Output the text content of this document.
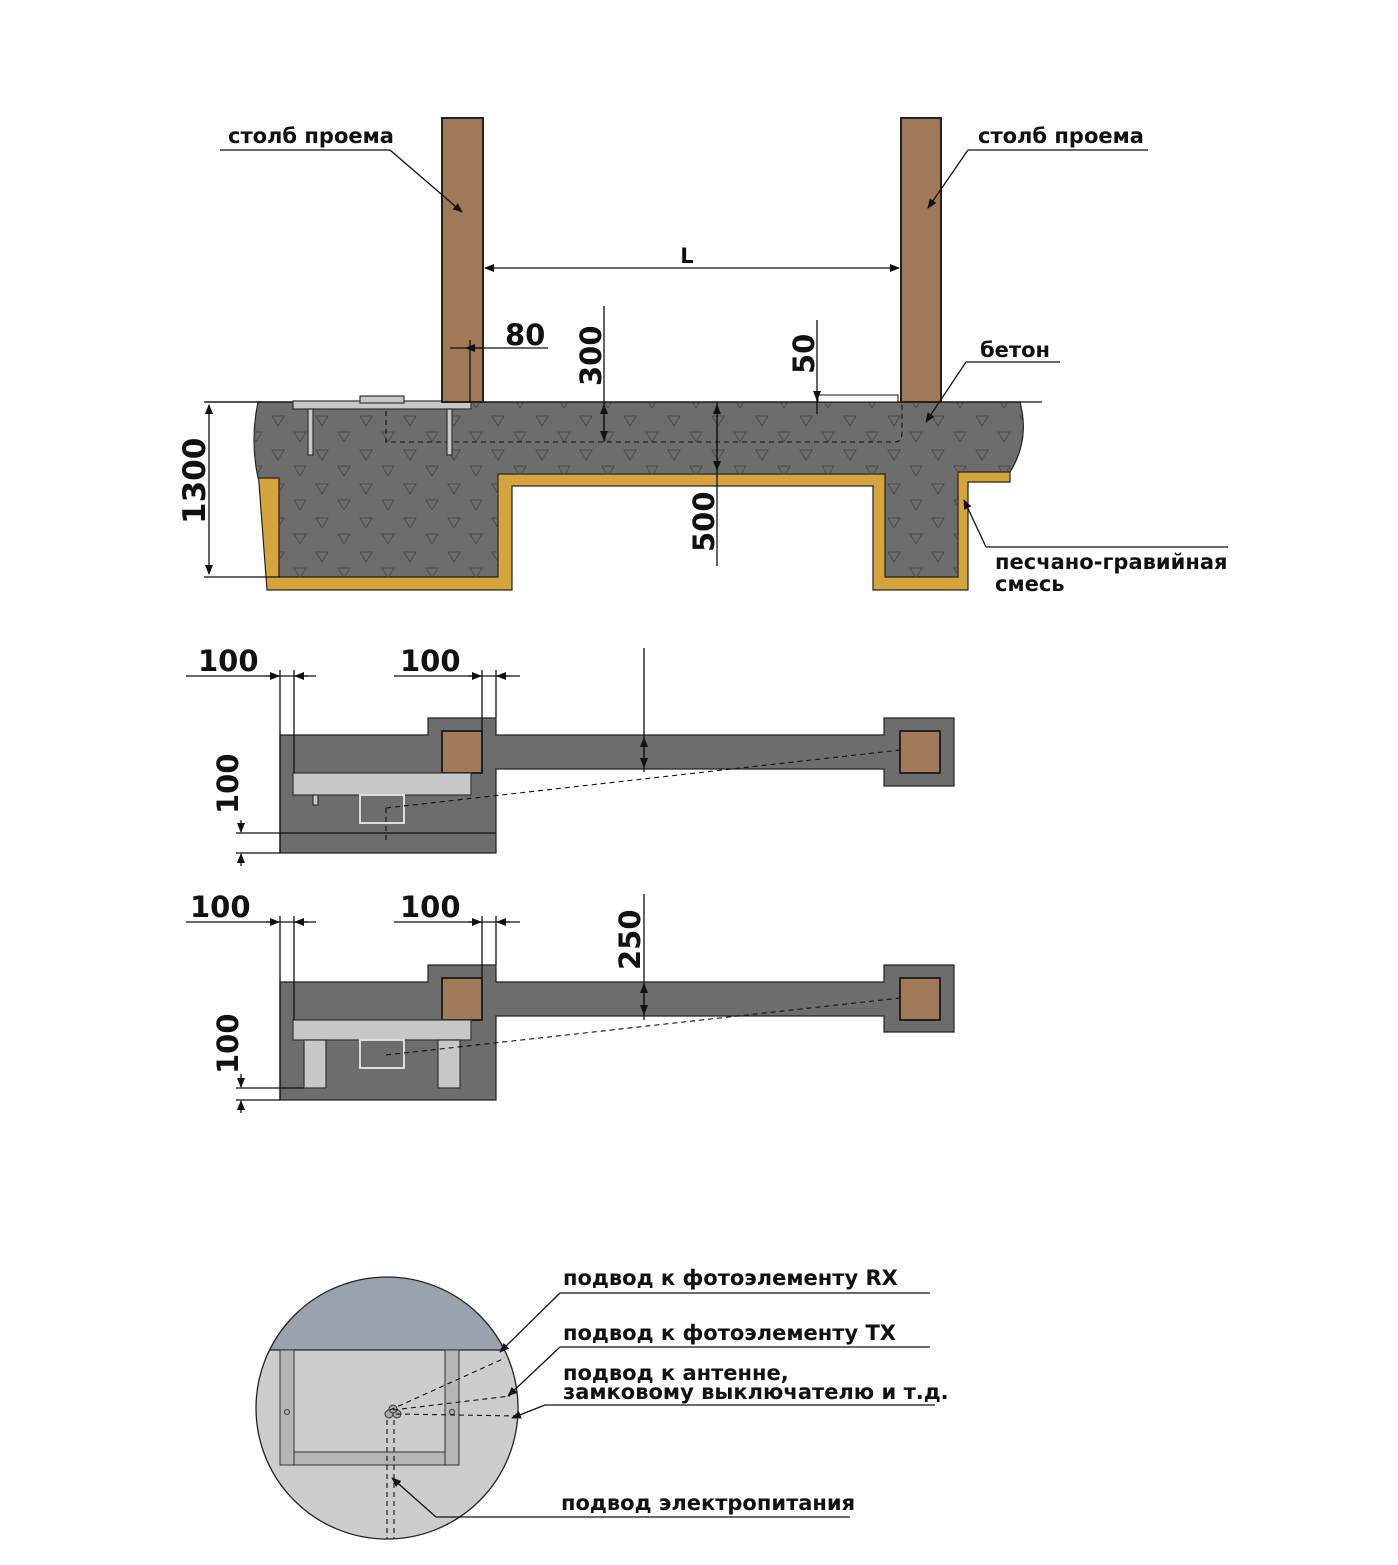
столб проема	столб проема
бетон
песчано-гравийная
смесь
L
80 300	50
500
1300
100	100
100
100	100
250
100
подвод к фотоэлементу RX
подвод к фотоэлементу TX
подвод к антенне,
замковому выключателю и т.д.
подвод электропитания
